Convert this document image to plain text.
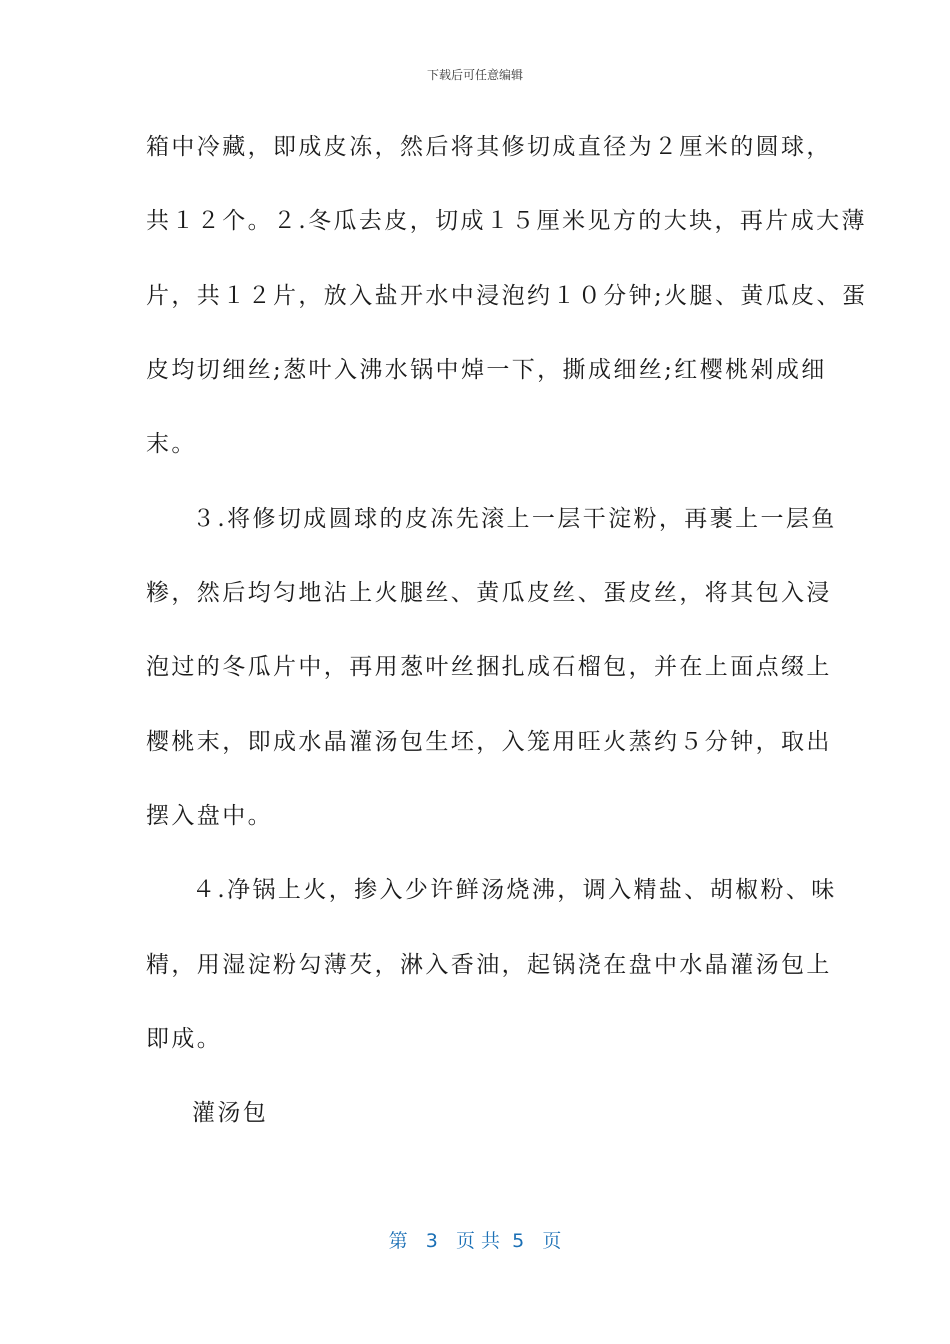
下载后可任意编辑
箱中冷藏，即成皮冻，然后将其修切成直径为２厘米的圆球，
共１２个。２.冬瓜去皮，切成１５厘米见方的大块，再片成大薄
片，共１２片，放入盐开水中浸泡约１０分钟;火腿、黄瓜皮、蛋
皮均切细丝;葱叶入沸水锅中焯一下，撕成细丝;红樱桃剁成细
末。
３.将修切成圆球的皮冻先滚上一层干淀粉，再裹上一层鱼
糁，然后均匀地沾上火腿丝、黄瓜皮丝、蛋皮丝，将其包入浸
泡过的冬瓜片中，再用葱叶丝捆扎成石榴包，并在上面点缀上
樱桃末，即成水晶灌汤包生坯，入笼用旺火蒸约５分钟，取出
摆入盘中。
４.净锅上火，掺入少许鲜汤烧沸，调入精盐、胡椒粉、味
精，用湿淀粉勾薄芡，淋入香油，起锅浇在盘中水晶灌汤包上
即成。
灌汤包
第 3 页 共 5 页
